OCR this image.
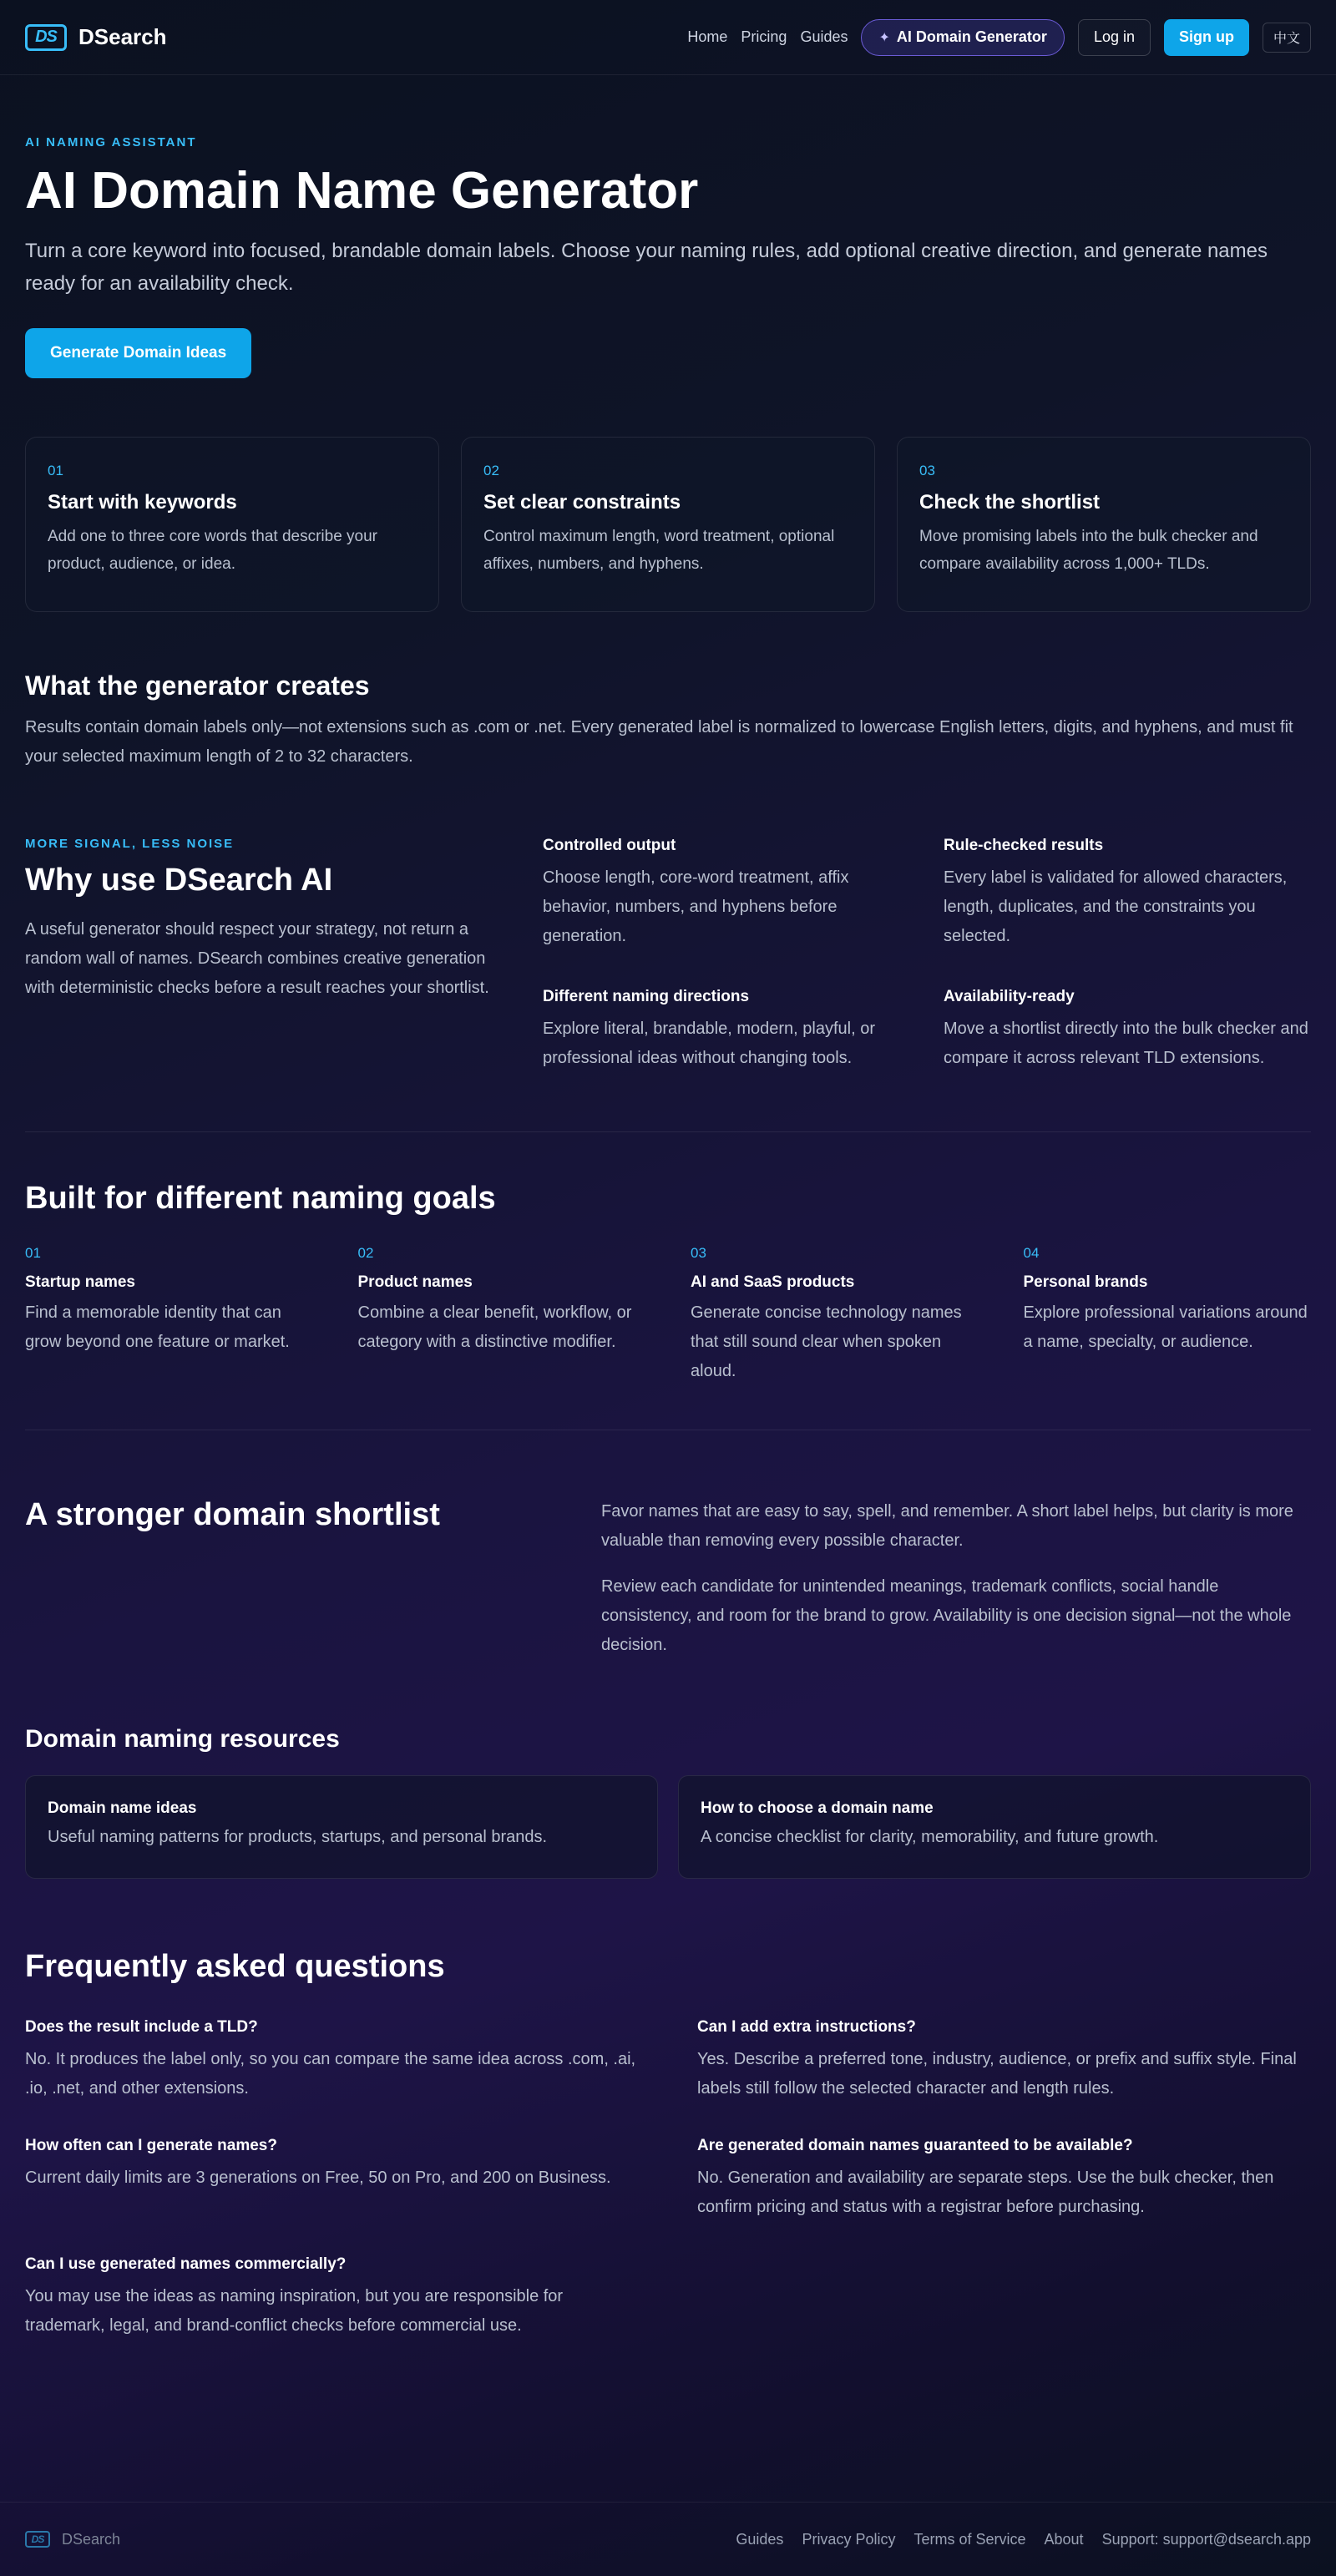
DS	DSearch	Home Pricing Guides ✦ AI Domain Generator	Log in	Sign up	中文
AI NAMING ASSISTANT
AI Domain Name Generator

Turn a core keyword into focused, brandable domain labels. Choose your naming rules, add optional creative direction, and generate names ready for an availability check.

Generate Domain Ideas
01
Start with keywords

Add one to three core words that describe your product, audience, or idea.

02
Set clear constraints

Control maximum length, word treatment, optional affixes, numbers, and hyphens.

03
Check the shortlist

Move promising labels into the bulk checker and compare availability across 1,000+ TLDs.

What the generator creates

Results contain domain labels only—not extensions such as .com or .net. Every generated label is normalized to lowercase English letters, digits, and hyphens, and must fit your selected maximum length of 2 to 32 characters.

MORE SIGNAL, LESS NOISE
Why use DSearch AI

A useful generator should respect your strategy, not return a random wall of names. DSearch combines creative generation with deterministic checks before a result reaches your shortlist.

Controlled output

Choose length, core-word treatment, affix behavior, numbers, and hyphens before generation.

Rule-checked results

Every label is validated for allowed characters, length, duplicates, and the constraints you selected.

Different naming directions

Explore literal, brandable, modern, playful, or professional ideas without changing tools.

Availability-ready

Move a shortlist directly into the bulk checker and compare it across relevant TLD extensions.

Built for different naming goals
01
Startup names

Find a memorable identity that can grow beyond one feature or market.

02
Product names

Combine a clear benefit, workflow, or category with a distinctive modifier.

03
AI and SaaS products

Generate concise technology names that still sound clear when spoken aloud.

04
Personal brands

Explore professional variations around a name, specialty, or audience.

A stronger domain shortlist	Favor names that are easy to say, spell, and remember. A short label helps, but clarity is more valuable than removing every possible character.

Review each candidate for unintended meanings, trademark conflicts, social handle consistency, and room for the brand to grow. Availability is one decision signal—not the whole decision.

Domain naming resources
Domain name ideas

Useful naming patterns for products, startups, and personal brands.

How to choose a domain name

A concise checklist for clarity, memorability, and future growth.

Frequently asked questions
Does the result include a TLD?

No. It produces the label only, so you can compare the same idea across .com, .ai, .io, .net, and other extensions.

Can I add extra instructions?

Yes. Describe a preferred tone, industry, audience, or prefix and suffix style. Final labels still follow the selected character and length rules.

How often can I generate names?

Current daily limits are 3 generations on Free, 50 on Pro, and 200 on Business.

Are generated domain names guaranteed to be available?

No. Generation and availability are separate steps. Use the bulk checker, then confirm pricing and status with a registrar before purchasing.

Can I use generated names commercially?

You may use the ideas as naming inspiration, but you are responsible for trademark, legal, and brand-conflict checks before commercial use.

DS	DSearch	Guides Privacy Policy Terms of Service About Support: support@dsearch.app
